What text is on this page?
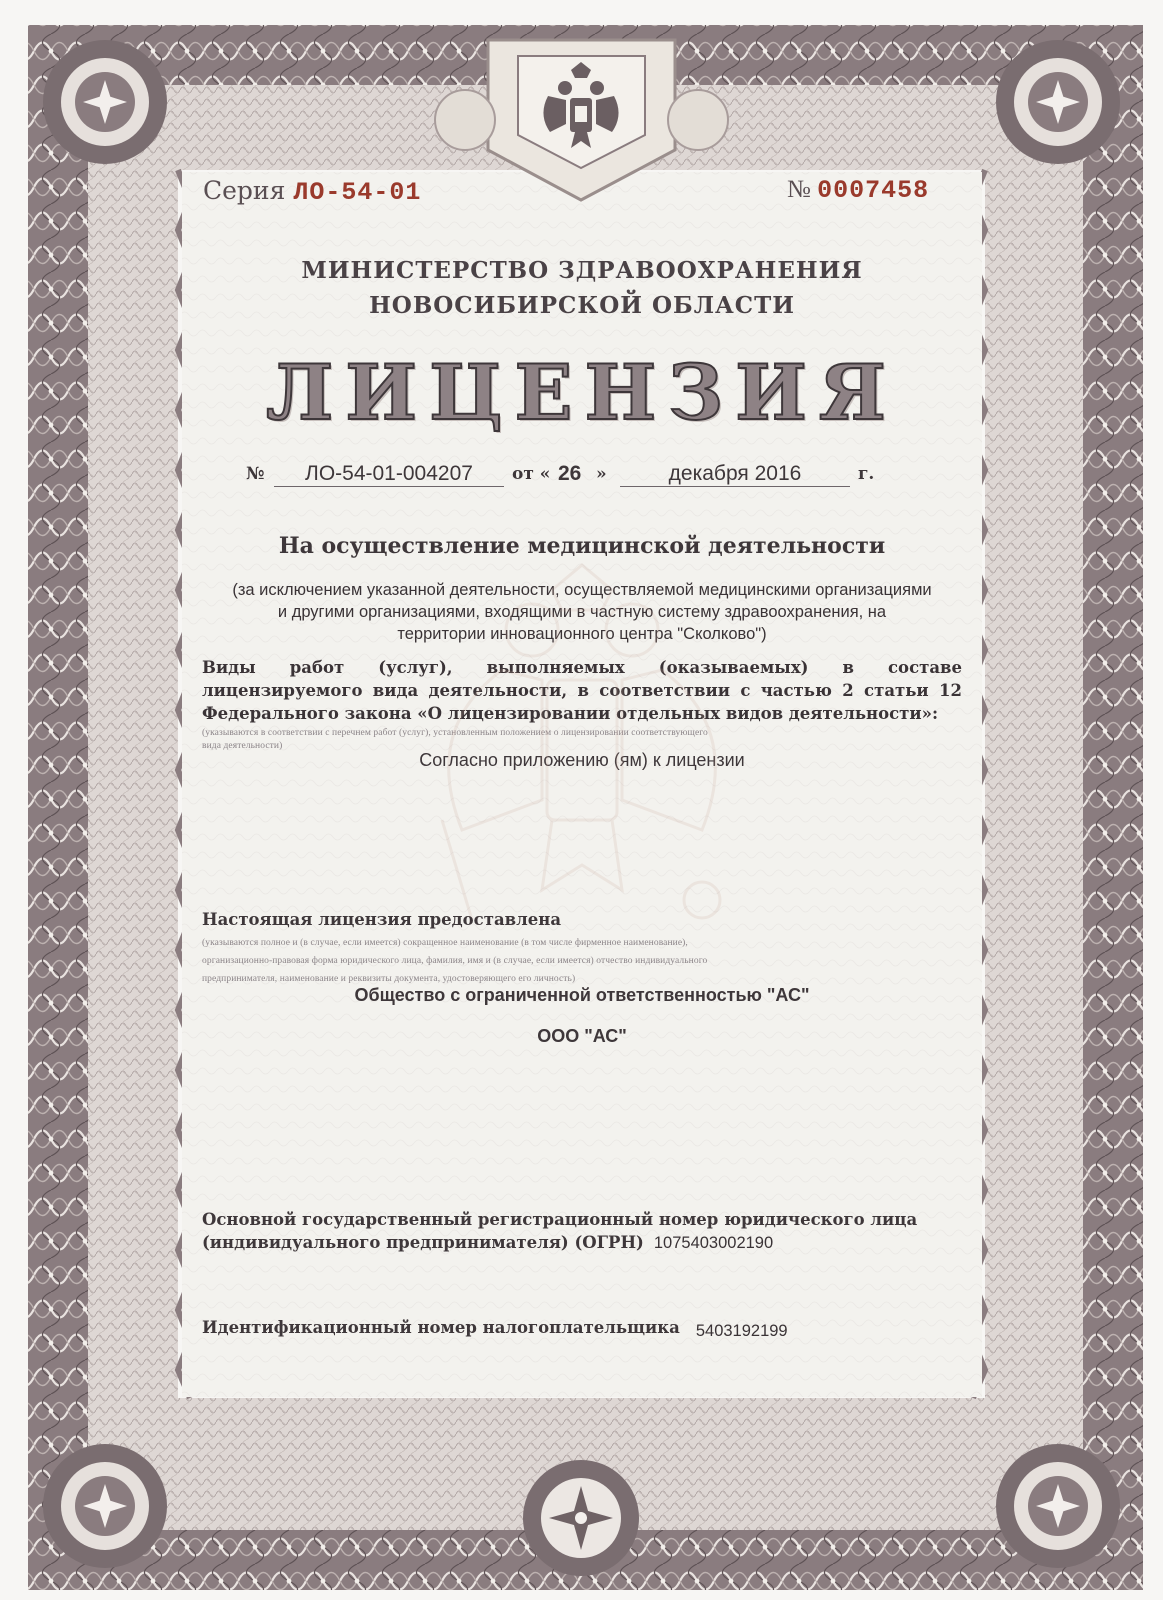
Серия ЛО-54-01	№ 0007458
МИНИСТЕРСТВО ЗДРАВООХРАНЕНИЯ
НОВОСИБИРСКОЙ ОБЛАСТИ
ЛИЦЕНЗИЯ
№	ЛО-54-01-004207	от « 26 »	декабря 2016	г.
На осуществление медицинской деятельности
(за исключением указанной деятельности, осуществляемой медицинскими организациями
и другими организациями, входящими в частную систему здравоохранения, на
территории инновационного центра "Сколково")
Виды работ (услуг), выполняемых (оказываемых) в составе
лицензируемого вида деятельности, в соответствии с частью 2 статьи 12
Федерального закона «О лицензировании отдельных видов деятельности»:
(указываются в соответствии с перечнем работ (услуг), установленным положением о лицензировании соответствующего
вида деятельности)
Согласно приложению (ям) к лицензии
Настоящая лицензия предоставлена
(указываются полное и (в случае, если имеется) сокращенное наименование (в том числе фирменное наименование),
организационно-правовая форма юридического лица, фамилия, имя и (в случае, если имеется) отчество индивидуального
предпринимателя, наименование и реквизиты документа, удостоверяющего его личность)
Общество с ограниченной ответственностью "АС"
ООО "АС"
Основной государственный регистрационный номер юридического лица
(индивидуального предпринимателя) (ОГРН) 1075403002190
Идентификационный номер налогоплательщика 5403192199
